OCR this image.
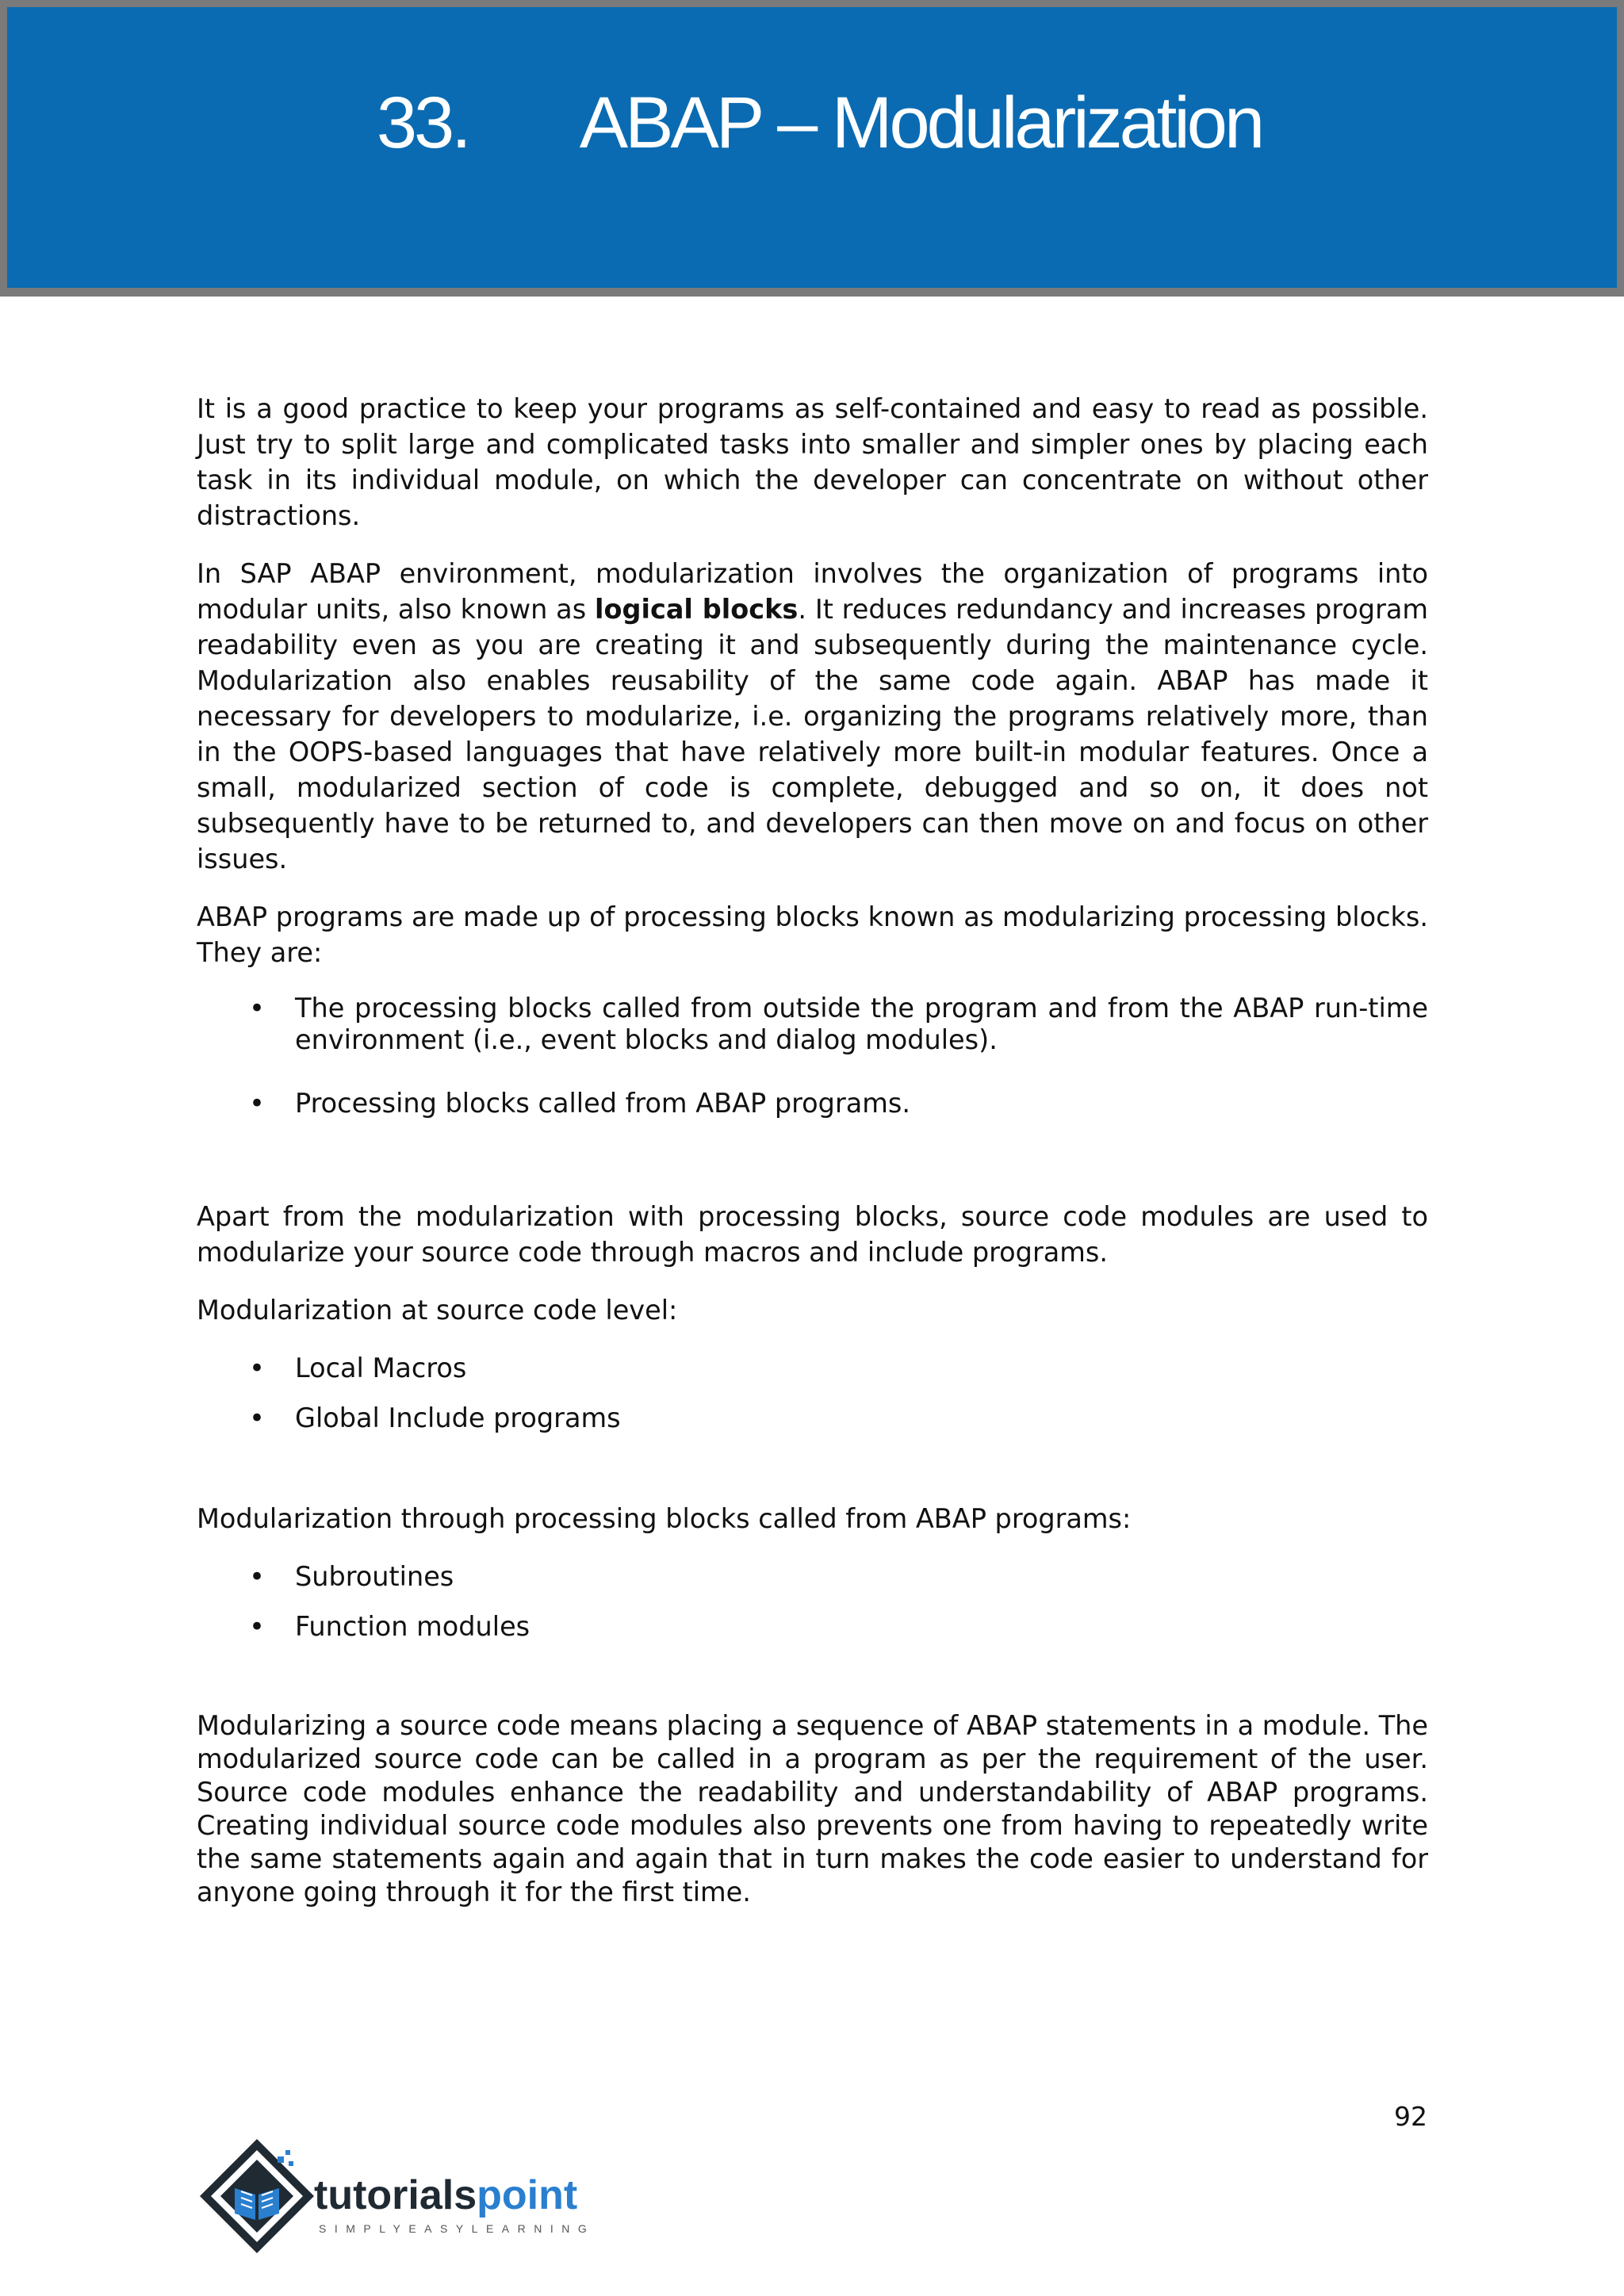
33. ABAP – Modularization

It is a good practice to keep your programs as self-contained and easy to read as possible. Just try to split large and complicated tasks into smaller and simpler ones by placing each task in its individual module, on which the developer can concentrate on without other distractions.

In SAP ABAP environment, modularization involves the organization of programs into modular units, also known as logical blocks. It reduces redundancy and increases program readability even as you are creating it and subsequently during the maintenance cycle. Modularization also enables reusability of the same code again. ABAP has made it necessary for developers to modularize, i.e. organizing the programs relatively more, than in the OOPS-based languages that have relatively more built-in modular features. Once a small, modularized section of code is complete, debugged and so on, it does not subsequently have to be returned to, and developers can then move on and focus on other issues.

ABAP programs are made up of processing blocks known as modularizing processing blocks. They are:

• The processing blocks called from outside the program and from the ABAP run-time environment (i.e., event blocks and dialog modules).
• Processing blocks called from ABAP programs.

Apart from the modularization with processing blocks, source code modules are used to modularize your source code through macros and include programs.

Modularization at source code level:

• Local Macros
• Global Include programs

Modularization through processing blocks called from ABAP programs:

• Subroutines
• Function modules

Modularizing a source code means placing a sequence of ABAP statements in a module. The modularized source code can be called in a program as per the requirement of the user. Source code modules enhance the readability and understandability of ABAP programs. Creating individual source code modules also prevents one from having to repeatedly write the same statements again and again that in turn makes the code easier to understand for anyone going through it for the first time.

92
tutorialspoint
SIMPLYEASYLEARNING
